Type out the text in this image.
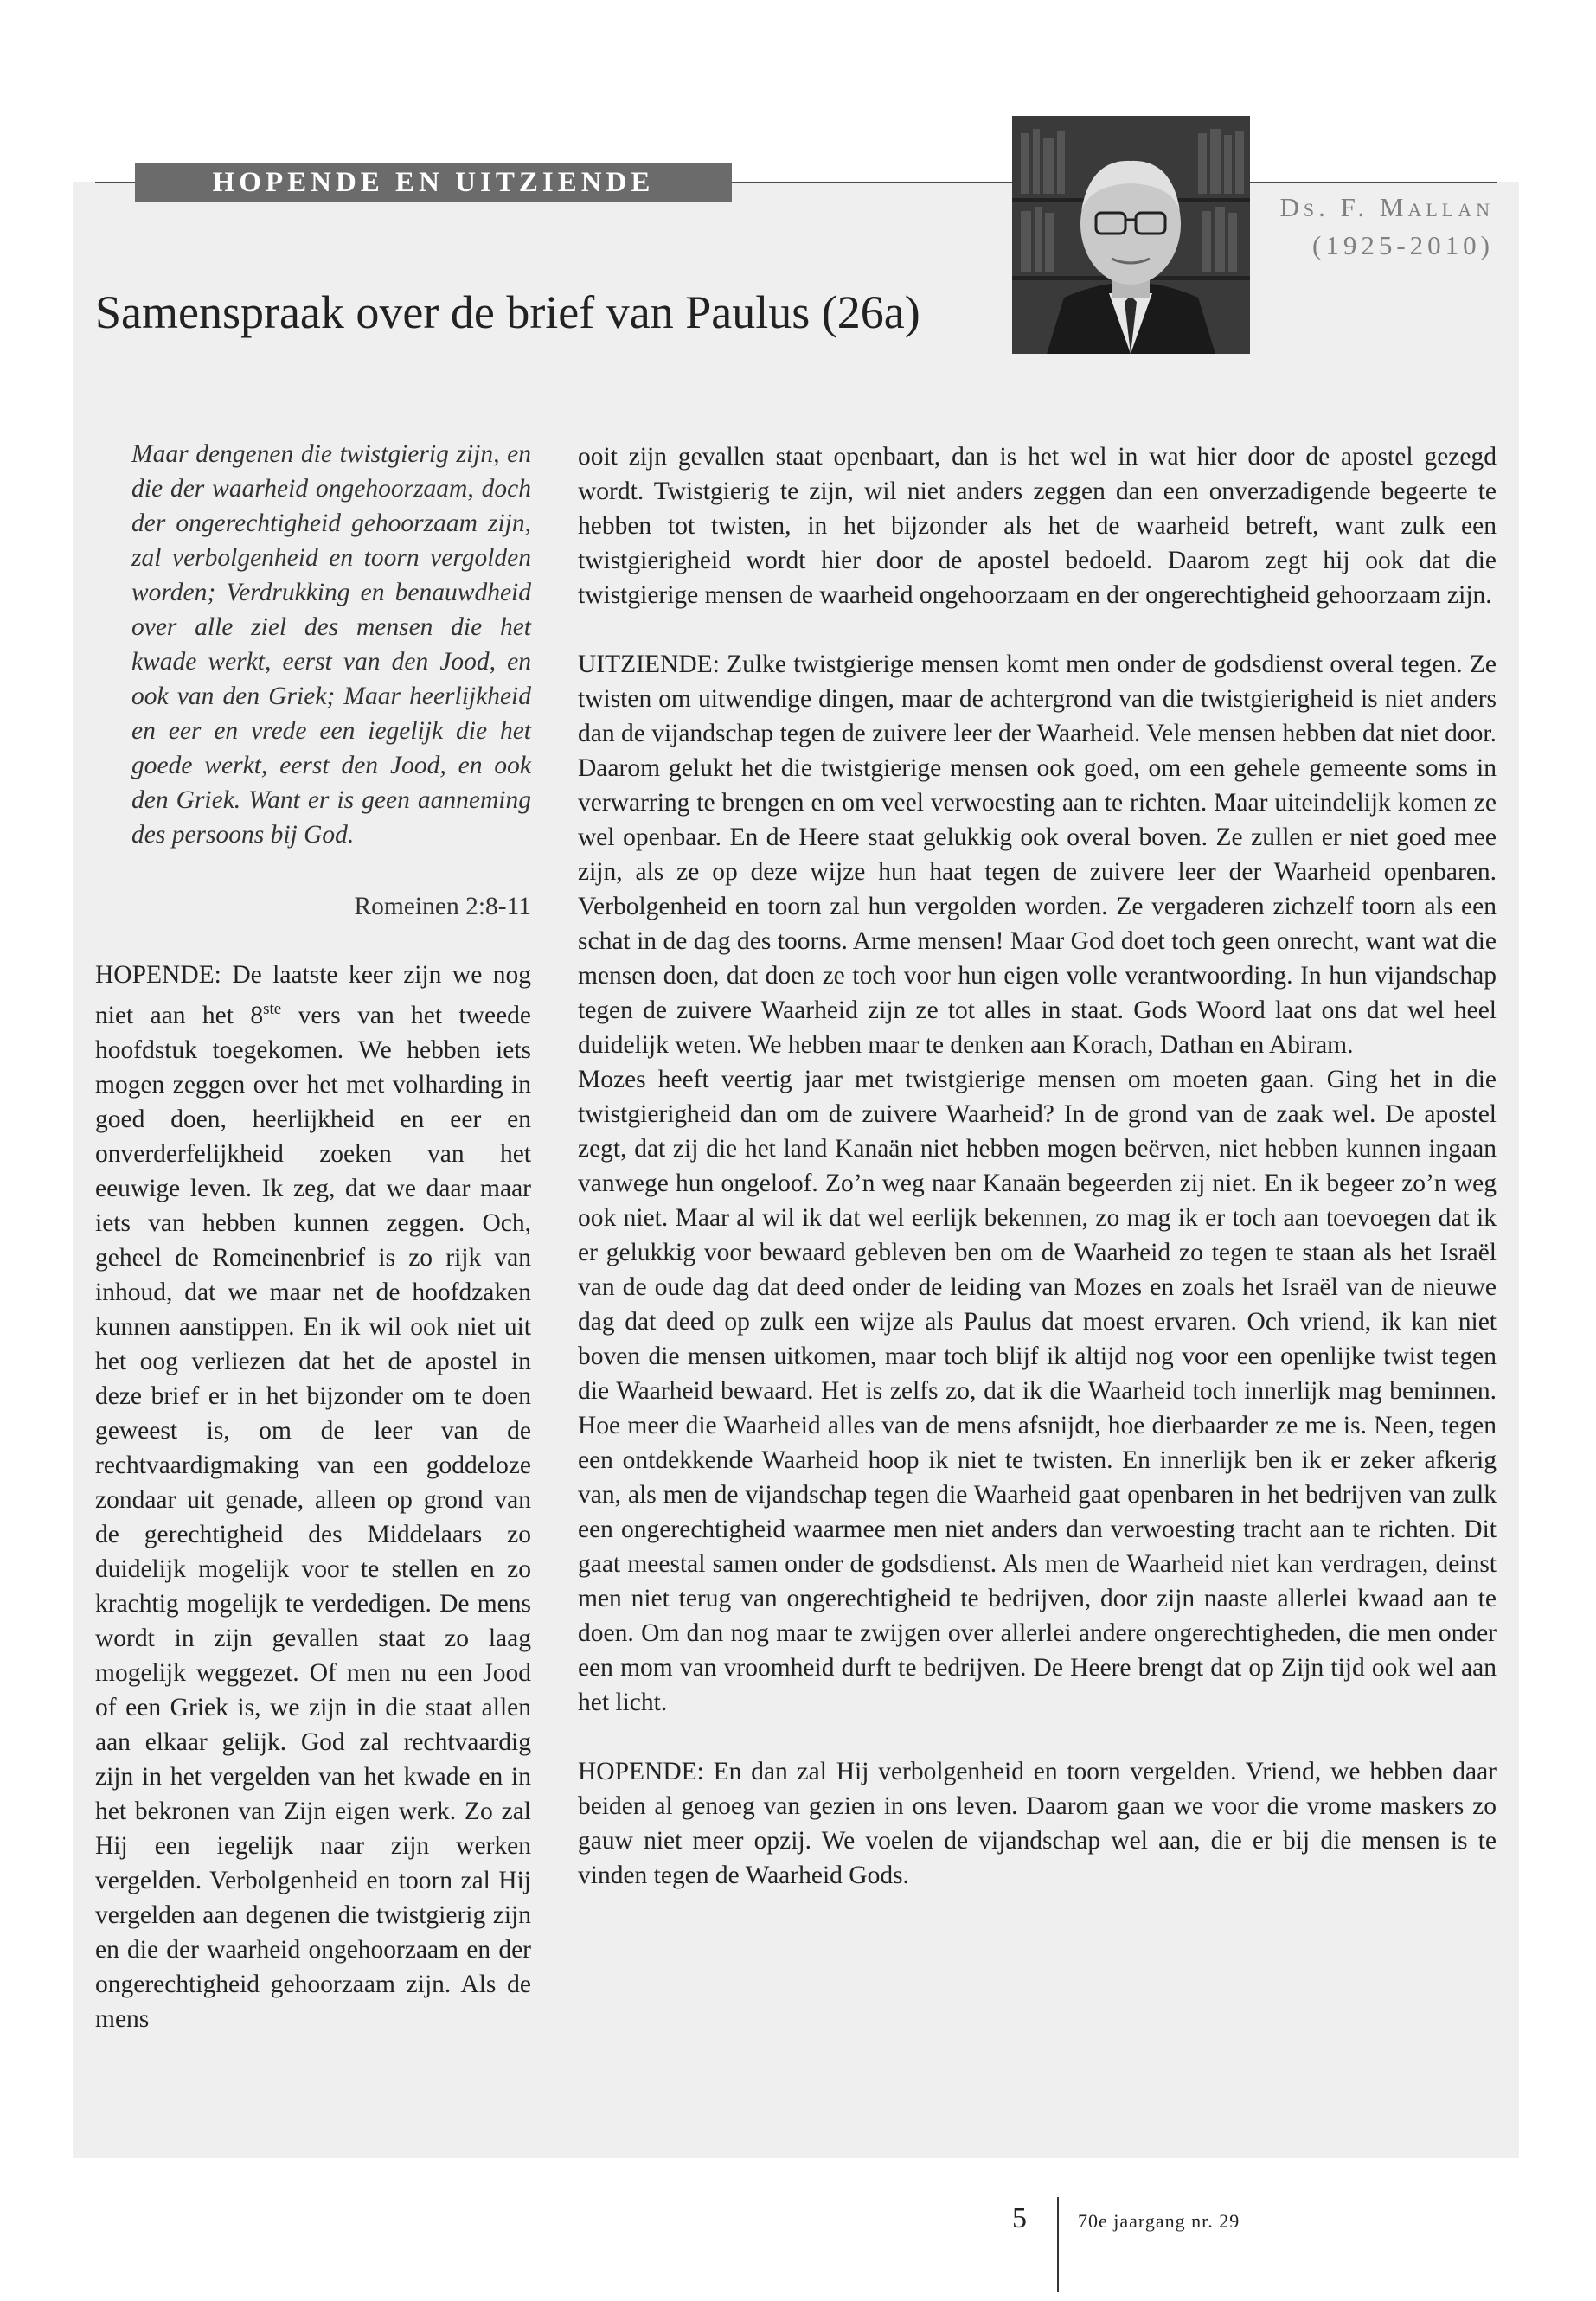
HOPENDE EN UITZIENDE
Ds. F. Mallan
(1925-2010)
Samenspraak over de brief van Paulus (26a)
Maar dengenen die twistgierig zijn, en die der waarheid ongehoorzaam, doch der ongerechtigheid gehoorzaam zijn, zal verbolgenheid en toorn vergolden worden; Verdrukking en benauwdheid over alle ziel des mensen die het kwade werkt, eerst van den Jood, en ook van den Griek; Maar heerlijkheid en eer en vrede een iegelijk die het goede werkt, eerst den Jood, en ook den Griek. Want er is geen aanneming des persoons bij God.
Romeinen 2:8-11

HOPENDE: De laatste keer zijn we nog niet aan het 8ste vers van het tweede hoofdstuk toegekomen. We hebben iets mogen zeggen over het met volharding in goed doen, heerlijkheid en eer en onverderfelijkheid zoeken van het eeuwige leven. Ik zeg, dat we daar maar iets van hebben kunnen zeggen. Och, geheel de Romeinenbrief is zo rijk van inhoud, dat we maar net de hoofdzaken kunnen aanstippen. En ik wil ook niet uit het oog verliezen dat het de apostel in deze brief er in het bijzonder om te doen geweest is, om de leer van de rechtvaardigmaking van een goddeloze zondaar uit genade, alleen op grond van de gerechtigheid des Middelaars zo duidelijk mogelijk voor te stellen en zo krachtig mogelijk te verdedigen. De mens wordt in zijn gevallen staat zo laag mogelijk weggezet. Of men nu een Jood of een Griek is, we zijn in die staat allen aan elkaar gelijk. God zal rechtvaardig zijn in het vergelden van het kwade en in het bekronen van Zijn eigen werk. Zo zal Hij een iegelijk naar zijn werken vergelden. Verbolgenheid en toorn zal Hij vergelden aan degenen die twistgierig zijn en die der waarheid ongehoorzaam en der ongerechtigheid gehoorzaam zijn. Als de mens

ooit zijn gevallen staat openbaart, dan is het wel in wat hier door de apostel gezegd wordt. Twistgierig te zijn, wil niet anders zeggen dan een onverzadigende begeerte te hebben tot twisten, in het bijzonder als het de waarheid betreft, want zulk een twistgierigheid wordt hier door de apostel bedoeld. Daarom zegt hij ook dat die twistgierige mensen de waarheid ongehoorzaam en der ongerechtigheid gehoorzaam zijn.

UITZIENDE: Zulke twistgierige mensen komt men onder de godsdienst overal tegen. Ze twisten om uitwendige dingen, maar de achtergrond van die twistgierigheid is niet anders dan de vijandschap tegen de zuivere leer der Waarheid. Vele mensen hebben dat niet door. Daarom gelukt het die twistgierige mensen ook goed, om een gehele gemeente soms in verwarring te brengen en om veel verwoesting aan te richten. Maar uiteindelijk komen ze wel openbaar. En de Heere staat gelukkig ook overal boven. Ze zullen er niet goed mee zijn, als ze op deze wijze hun haat tegen de zuivere leer der Waarheid openbaren. Verbolgenheid en toorn zal hun vergolden worden. Ze vergaderen zichzelf toorn als een schat in de dag des toorns. Arme mensen! Maar God doet toch geen onrecht, want wat die mensen doen, dat doen ze toch voor hun eigen volle verantwoording. In hun vijandschap tegen de zuivere Waarheid zijn ze tot alles in staat. Gods Woord laat ons dat wel heel duidelijk weten. We hebben maar te denken aan Korach, Dathan en Abiram.

Mozes heeft veertig jaar met twistgierige mensen om moeten gaan. Ging het in die twistgierigheid dan om de zuivere Waarheid? In de grond van de zaak wel. De apostel zegt, dat zij die het land Kanaän niet hebben mogen beërven, niet hebben kunnen ingaan vanwege hun ongeloof. Zo’n weg naar Kanaän begeerden zij niet. En ik begeer zo’n weg ook niet. Maar al wil ik dat wel eerlijk bekennen, zo mag ik er toch aan toevoegen dat ik er gelukkig voor bewaard gebleven ben om de Waarheid zo tegen te staan als het Israël van de oude dag dat deed onder de leiding van Mozes en zoals het Israël van de nieuwe dag dat deed op zulk een wijze als Paulus dat moest ervaren. Och vriend, ik kan niet boven die mensen uitkomen, maar toch blijf ik altijd nog voor een openlijke twist tegen die Waarheid bewaard. Het is zelfs zo, dat ik die Waarheid toch innerlijk mag beminnen. Hoe meer die Waarheid alles van de mens afsnijdt, hoe dierbaarder ze me is. Neen, tegen een ontdekkende Waarheid hoop ik niet te twisten. En innerlijk ben ik er zeker afkerig van, als men de vijandschap tegen die Waarheid gaat openbaren in het bedrijven van zulk een ongerechtigheid waarmee men niet anders dan verwoesting tracht aan te richten. Dit gaat meestal samen onder de godsdienst. Als men de Waarheid niet kan verdragen, deinst men niet terug van ongerechtigheid te bedrijven, door zijn naaste allerlei kwaad aan te doen. Om dan nog maar te zwijgen over allerlei andere ongerechtigheden, die men onder een mom van vroomheid durft te bedrijven. De Heere brengt dat op Zijn tijd ook wel aan het licht.

HOPENDE: En dan zal Hij verbolgenheid en toorn vergelden. Vriend, we hebben daar beiden al genoeg van gezien in ons leven. Daarom gaan we voor die vrome maskers zo gauw niet meer opzij. We voelen de vijandschap wel aan, die er bij die mensen is te vinden tegen de Waarheid Gods.

5	70e jaargang nr. 29
